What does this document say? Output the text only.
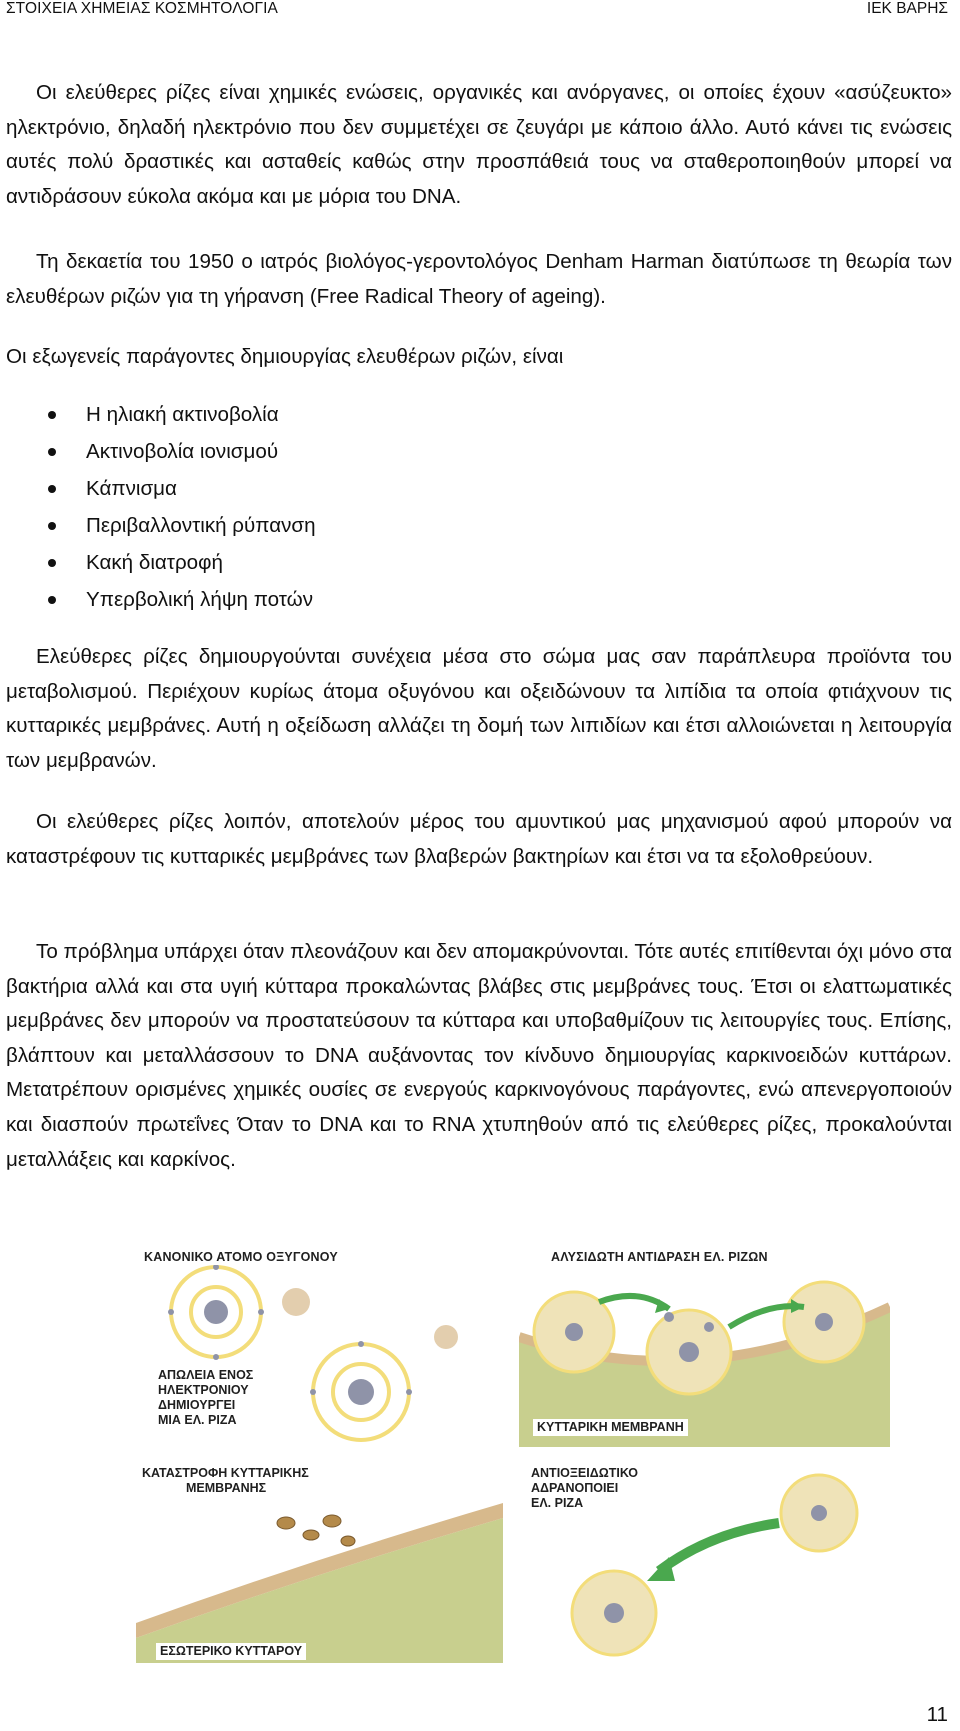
ΣΤΟΙΧΕΙΑ ΧΗΜΕΙΑΣ ΚΟΣΜΗΤΟΛΟΓΙΑ	ΙΕΚ ΒΑΡΗΣ

Οι ελεύθερες ρίζες είναι χημικές ενώσεις, οργανικές και ανόργανες, οι οποίες έχουν «ασύζευκτο» ηλεκτρόνιο, δηλαδή ηλεκτρόνιο που δεν συμμετέχει σε ζευγάρι με κάποιο άλλο. Αυτό κάνει τις ενώσεις αυτές πολύ δραστικές και ασταθείς καθώς στην προσπάθειά τους να σταθεροποιηθούν μπορεί να αντιδράσουν εύκολα ακόμα και με μόρια του DNA.

Τη δεκαετία του 1950 ο ιατρός βιολόγος-γεροντολόγος Denham Harman διατύπωσε τη θεωρία των ελευθέρων ριζών για τη γήρανση (Free Radical Theory of ageing).

Οι εξωγενείς παράγοντες δημιουργίας ελευθέρων ριζών, είναι

Η ηλιακή ακτινοβολία
Ακτινοβολία ιονισμού
Κάπνισμα
Περιβαλλοντική ρύπανση
Κακή διατροφή
Υπερβολική λήψη ποτών

Ελεύθερες ρίζες δημιουργούνται συνέχεια μέσα στο σώμα μας σαν παράπλευρα προϊόντα του μεταβολισμού. Περιέχουν κυρίως άτομα οξυγόνου και οξειδώνουν τα λιπίδια τα οποία φτιάχνουν τις κυτταρικές μεμβράνες. Αυτή η οξείδωση αλλάζει τη δομή των λιπιδίων και έτσι αλλοιώνεται η λειτουργία των μεμβρανών.

Οι ελεύθερες ρίζες λοιπόν, αποτελούν μέρος του αμυντικού μας μηχανισμού αφού μπορούν να καταστρέφουν τις κυτταρικές μεμβράνες των βλαβερών βακτηρίων και έτσι να τα εξολοθρεύουν.

Το πρόβλημα υπάρχει όταν πλεονάζουν και δεν απομακρύνονται. Τότε αυτές επιτίθενται όχι μόνο στα βακτήρια αλλά και στα υγιή κύτταρα προκαλώντας βλάβες στις μεμβράνες τους. Έτσι οι ελαττωματικές μεμβράνες δεν μπορούν να προστατεύσουν τα κύτταρα και υποβαθμίζουν τις λειτουργίες τους. Επίσης, βλάπτουν και μεταλλάσσουν το DNA αυξάνοντας τον κίνδυνο δημιουργίας καρκινοειδών κυττάρων. Μετατρέπουν ορισμένες χημικές ουσίες σε ενεργούς καρκινογόνους παράγοντες, ενώ απενεργοποιούν και διασπούν πρωτεΐνες Όταν το DNA και το RNA χτυπηθούν από τις ελεύθερες ρίζες, προκαλούνται μεταλλάξεις και καρκίνος.

ΚΑΝΟΝΙΚΟ ΑΤΟΜΟ ΟΞΥΓΟΝΟΥ
ΑΠΩΛΕΙΑ ΕΝΟΣ
ΗΛΕΚΤΡΟΝΙΟΥ
ΔΗΜΙΟΥΡΓΕΙ
ΜΙΑ ΕΛ. ΡΙΖΑ
ΑΛΥΣΙΔΩΤΗ ΑΝΤΙΔΡΑΣΗ ΕΛ. ΡΙΖΩΝ
ΚΥΤΤΑΡΙΚΗ ΜΕΜΒΡΑΝΗ
ΚΑΤΑΣΤΡΟΦΗ ΚΥΤΤΑΡΙΚΗΣ
ΜΕΜΒΡΑΝΗΣ
ΕΣΩΤΕΡΙΚΟ ΚΥΤΤΑΡΟΥ
ΑΝΤΙΟΞΕΙΔΩΤΙΚΟ
ΑΔΡΑΝΟΠΟΙΕΙ
ΕΛ. ΡΙΖΑ
11
